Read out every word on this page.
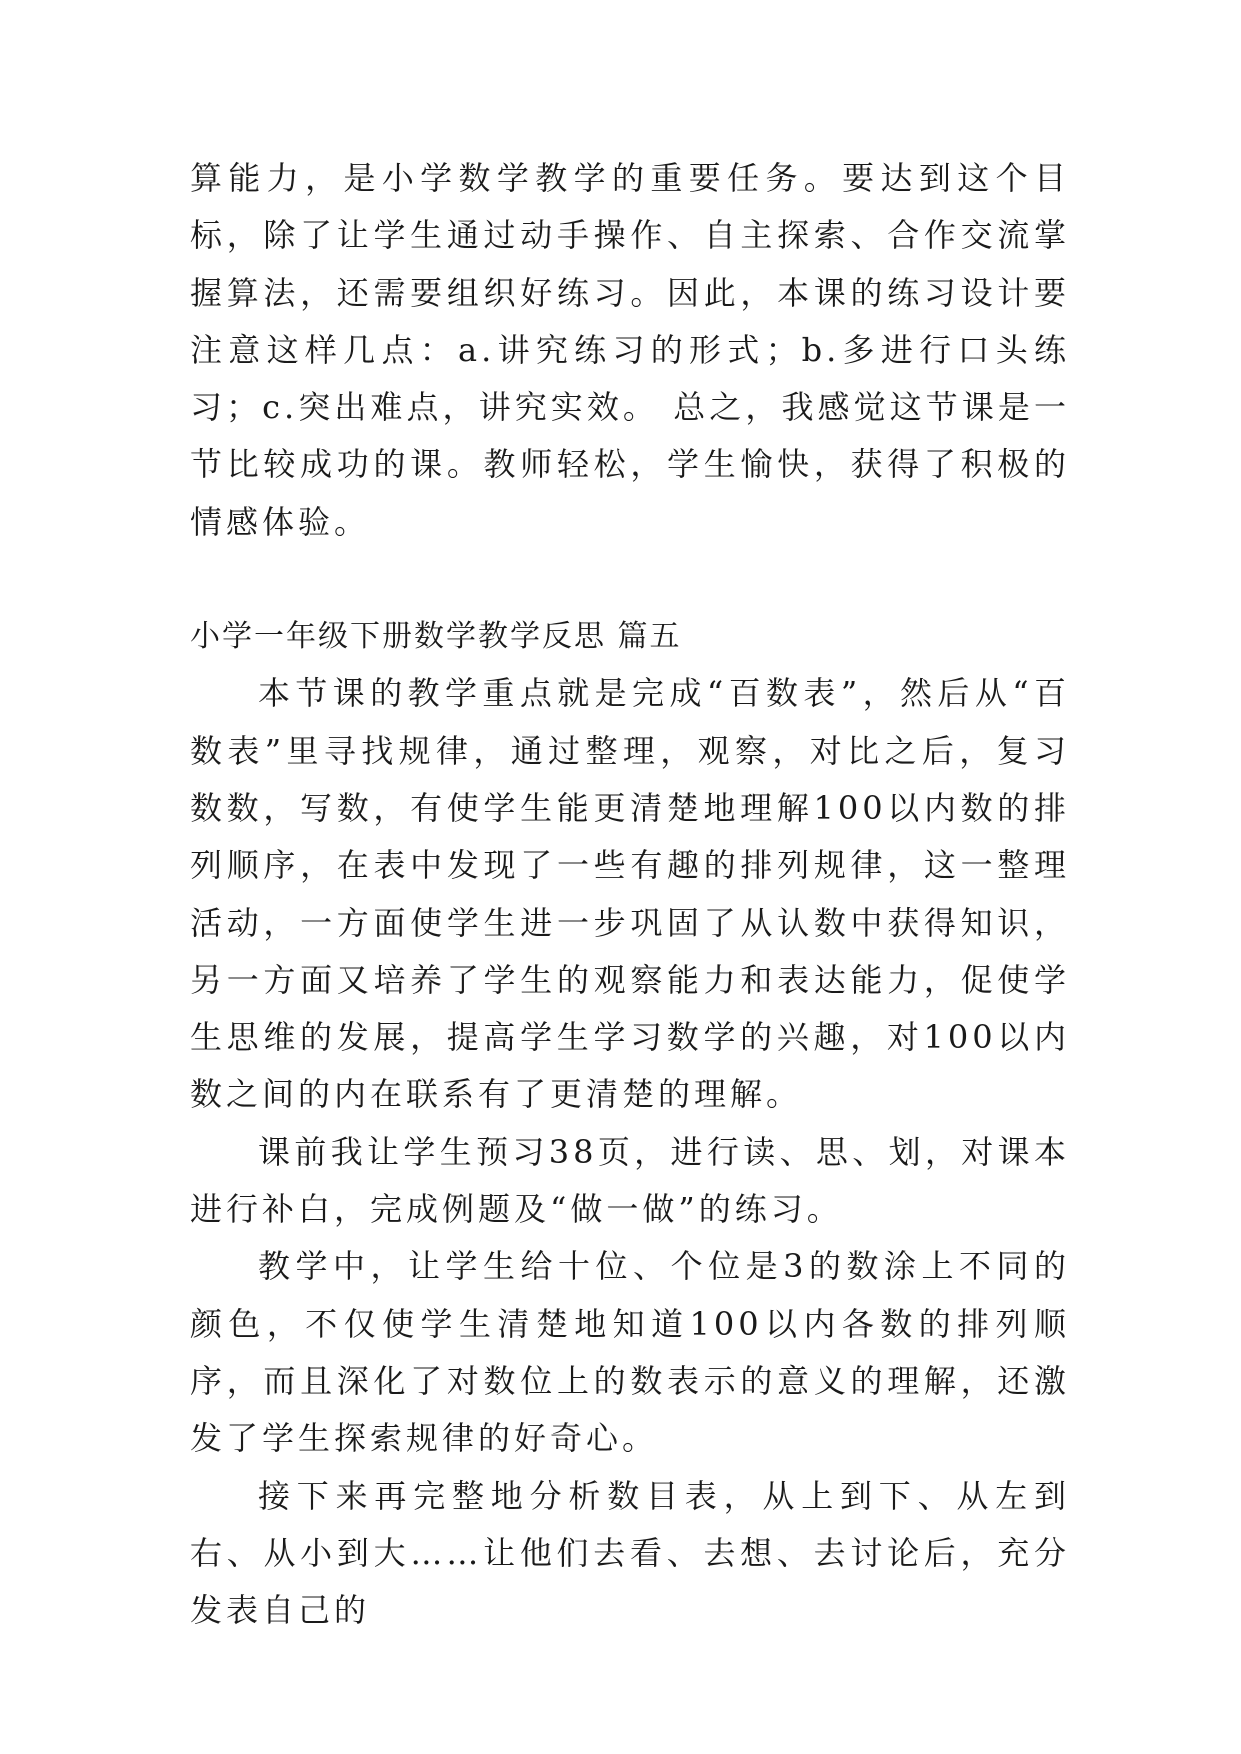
算能力，是小学数学教学的重要任务。要达到这个目标，除了让学生通过动手操作、自主探索、合作交流掌握算法，还需要组织好练习。因此，本课的练习设计要注意这样几点：a.讲究练习的形式；b.多进行口头练习；c.突出难点，讲究实效。 总之，我感觉这节课是一节比较成功的课。教师轻松，学生愉快，获得了积极的情感体验。

小学一年级下册数学教学反思 篇五

本节课的教学重点就是完成“百数表”，然后从“百数表”里寻找规律，通过整理，观察，对比之后，复习数数，写数，有使学生能更清楚地理解100以内数的排列顺序，在表中发现了一些有趣的排列规律，这一整理活动，一方面使学生进一步巩固了从认数中获得知识，另一方面又培养了学生的观察能力和表达能力，促使学生思维的发展，提高学生学习数学的兴趣，对100以内数之间的内在联系有了更清楚的理解。

课前我让学生预习38页，进行读、思、划，对课本进行补白，完成例题及“做一做”的练习。

教学中，让学生给十位、个位是3的数涂上不同的颜色，不仅使学生清楚地知道100以内各数的排列顺序，而且深化了对数位上的数表示的意义的理解，还激发了学生探索规律的好奇心。

接下来再完整地分析数目表，从上到下、从左到右、从小到大……让他们去看、去想、去讨论后，充分发表自己的
